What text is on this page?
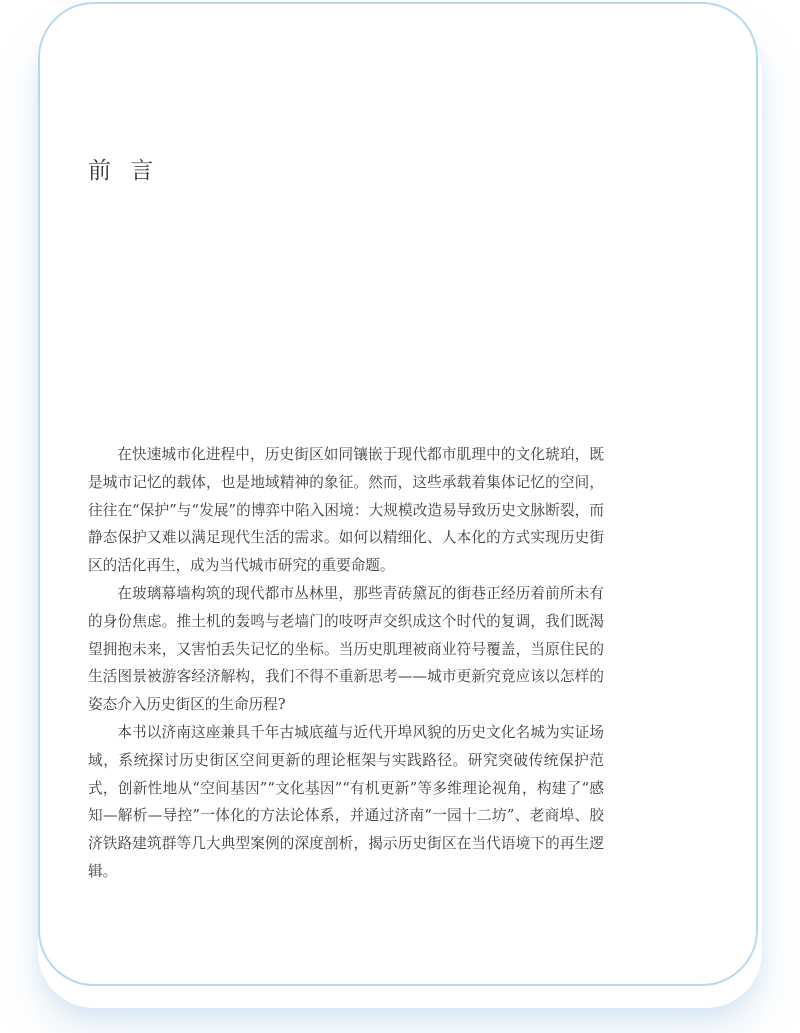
前 言

在快速城市化进程中，历史街区如同镶嵌于现代都市肌理中的文化琥珀，既是城市记忆的载体，也是地域精神的象征。然而，这些承载着集体记忆的空间，往往在“保护”与“发展”的博弈中陷入困境：大规模改造易导致历史文脉断裂，而静态保护又难以满足现代生活的需求。如何以精细化、人本化的方式实现历史街区的活化再生，成为当代城市研究的重要命题。

在玻璃幕墙构筑的现代都市丛林里，那些青砖黛瓦的街巷正经历着前所未有的身份焦虑。推土机的轰鸣与老墙门的吱呀声交织成这个时代的复调，我们既渴望拥抱未来，又害怕丢失记忆的坐标。当历史肌理被商业符号覆盖，当原住民的生活图景被游客经济解构，我们不得不重新思考——城市更新究竟应该以怎样的姿态介入历史街区的生命历程?

本书以济南这座兼具千年古城底蕴与近代开埠风貌的历史文化名城为实证场域，系统探讨历史街区空间更新的理论框架与实践路径。研究突破传统保护范式，创新性地从“空间基因”“文化基因”“有机更新”等多维理论视角，构建了“感知—解析—导控”一体化的方法论体系，并通过济南“一园十二坊”、老商埠、胶济铁路建筑群等几大典型案例的深度剖析，揭示历史街区在当代语境下的再生逻辑。
